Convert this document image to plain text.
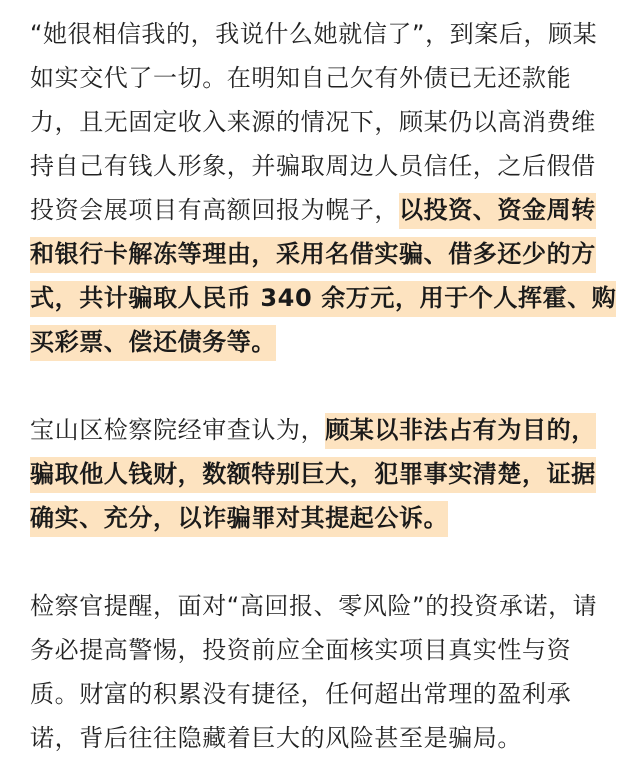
“她很相信我的，我说什么她就信了”，到案后，顾某
如实交代了一切。在明知自己欠有外债已无还款能
力，且无固定收入来源的情况下，顾某仍以高消费维
持自己有钱人形象，并骗取周边人员信任，之后假借
投资会展项目有高额回报为幌子，以投资、资金周转
和银行卡解冻等理由，采用名借实骗、借多还少的方
式，共计骗取人民币 340 余万元，用于个人挥霍、购
买彩票、偿还债务等。
宝山区检察院经审查认为，顾某以非法占有为目的，
骗取他人钱财，数额特别巨大，犯罪事实清楚，证据
确实、充分，以诈骗罪对其提起公诉。
检察官提醒，面对“高回报、零风险”的投资承诺，请
务必提高警惕，投资前应全面核实项目真实性与资
质。财富的积累没有捷径，任何超出常理的盈利承
诺，背后往往隐藏着巨大的风险甚至是骗局。
